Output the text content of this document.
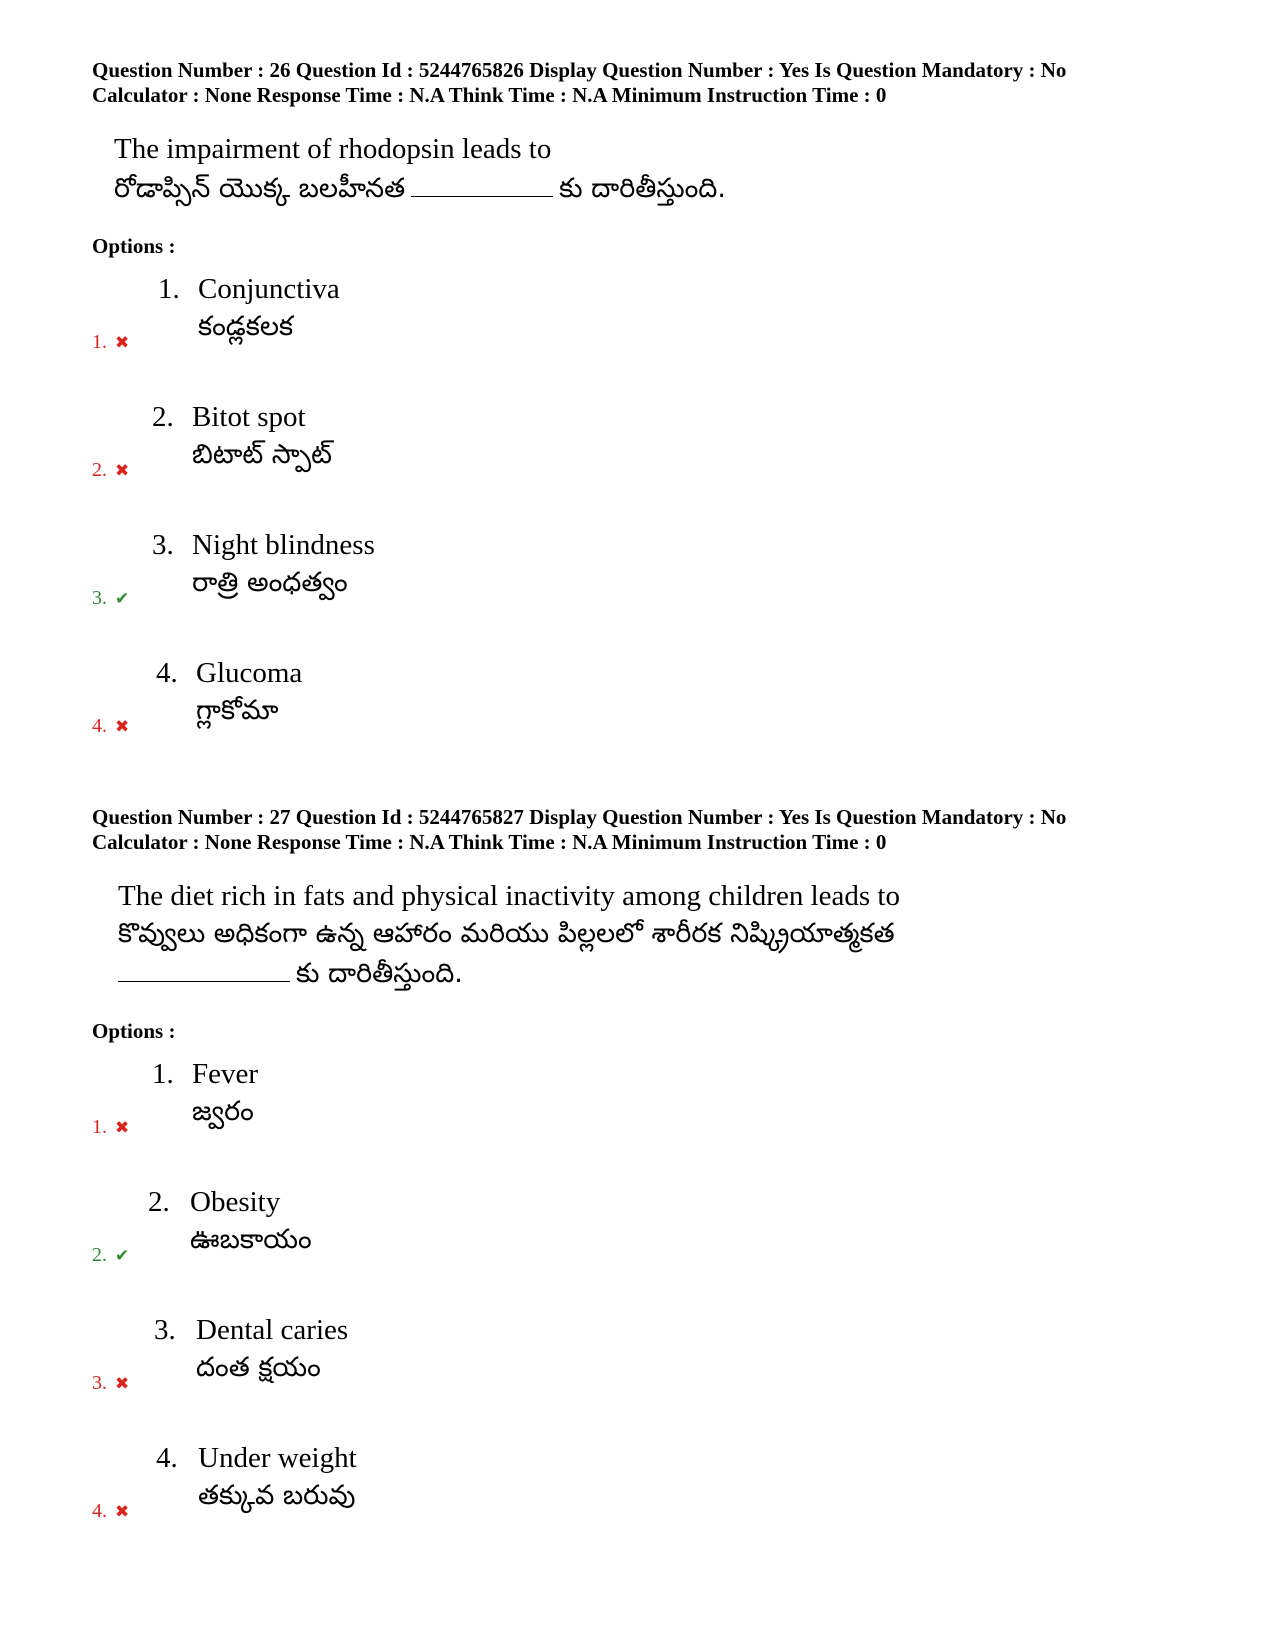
Question Number : 26 Question Id : 5244765826 Display Question Number : Yes Is Question Mandatory : No
Calculator : None Response Time : N.A Think Time : N.A Minimum Instruction Time : 0
The impairment of rhodopsin leads to
రోడాప్సిన్ యొక్క బలహీనత	కు దారితీస్తుంది.
Options :
1. Conjunctiva
కండ్లకలక
1. ✖
2. Bitot spot
బిటాట్ స్పాట్
2. ✖
3. Night blindness
రాత్రి అంధత్వం
3. ✔
4. Glucoma
గ్లాకోమా
4. ✖
Question Number : 27 Question Id : 5244765827 Display Question Number : Yes Is Question Mandatory : No
Calculator : None Response Time : N.A Think Time : N.A Minimum Instruction Time : 0
The diet rich in fats and physical inactivity among children leads to
కొవ్వులు అధికంగా ఉన్న ఆహారం మరియు పిల్లలలో శారీరక నిష్క్రియాత్మకత
కు దారితీస్తుంది.
Options :
1. Fever
జ్వరం
1. ✖
2. Obesity
ఊబకాయం
2. ✔
3. Dental caries
దంత క్షయం
3. ✖
4. Under weight
తక్కువ బరువు
4. ✖
